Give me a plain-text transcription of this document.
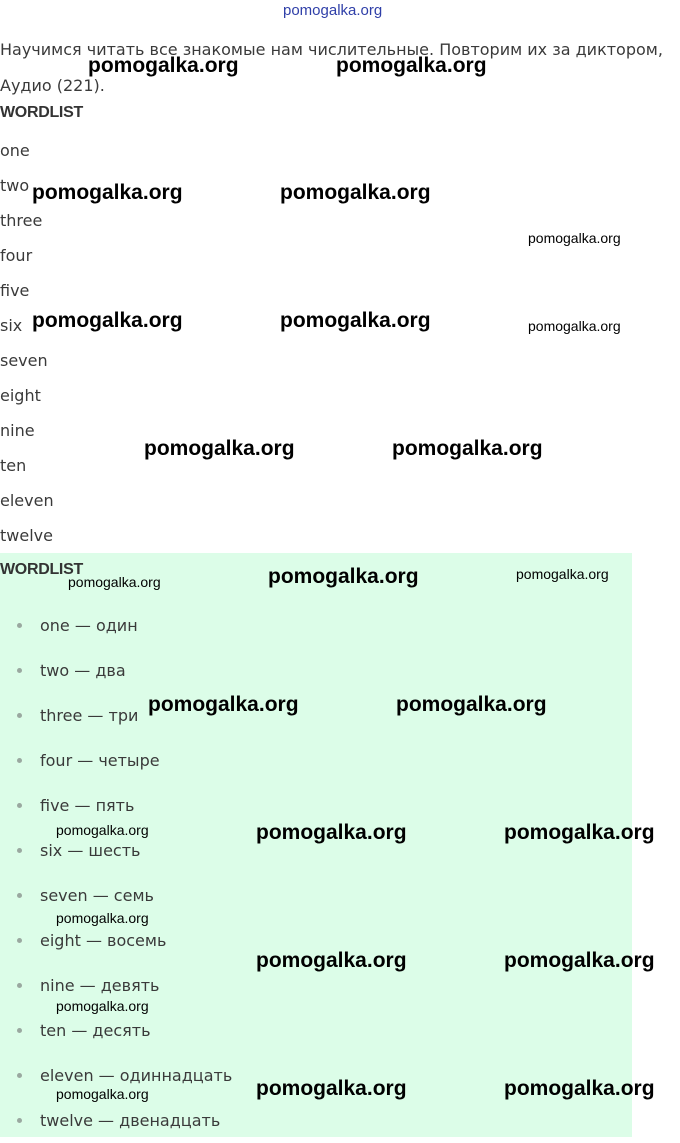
pomogalka.org

Научимся читать все знакомые нам числительные. Повторим их за диктором, Аудио (221).

WORDLIST
one
two
three
four
five
six
seven
eight
nine
ten
eleven
twelve
WORDLIST
one — один
two — два
three — три
four — четыре
five — пять
six — шесть
seven — семь
eight — восемь
nine — девять
ten — десять
eleven — одиннадцать
twelve — двенадцать
pomogalka.org	pomogalka.org
pomogalka.org	pomogalka.org
pomogalka.org
pomogalka.org	pomogalka.org	pomogalka.org
pomogalka.org	pomogalka.org
pomogalka.org	pomogalka.org	pomogalka.org
pomogalka.org	pomogalka.org
pomogalka.org	pomogalka.org	pomogalka.org
pomogalka.org
pomogalka.org	pomogalka.org
pomogalka.org
pomogalka.org	pomogalka.org
pomogalka.org
